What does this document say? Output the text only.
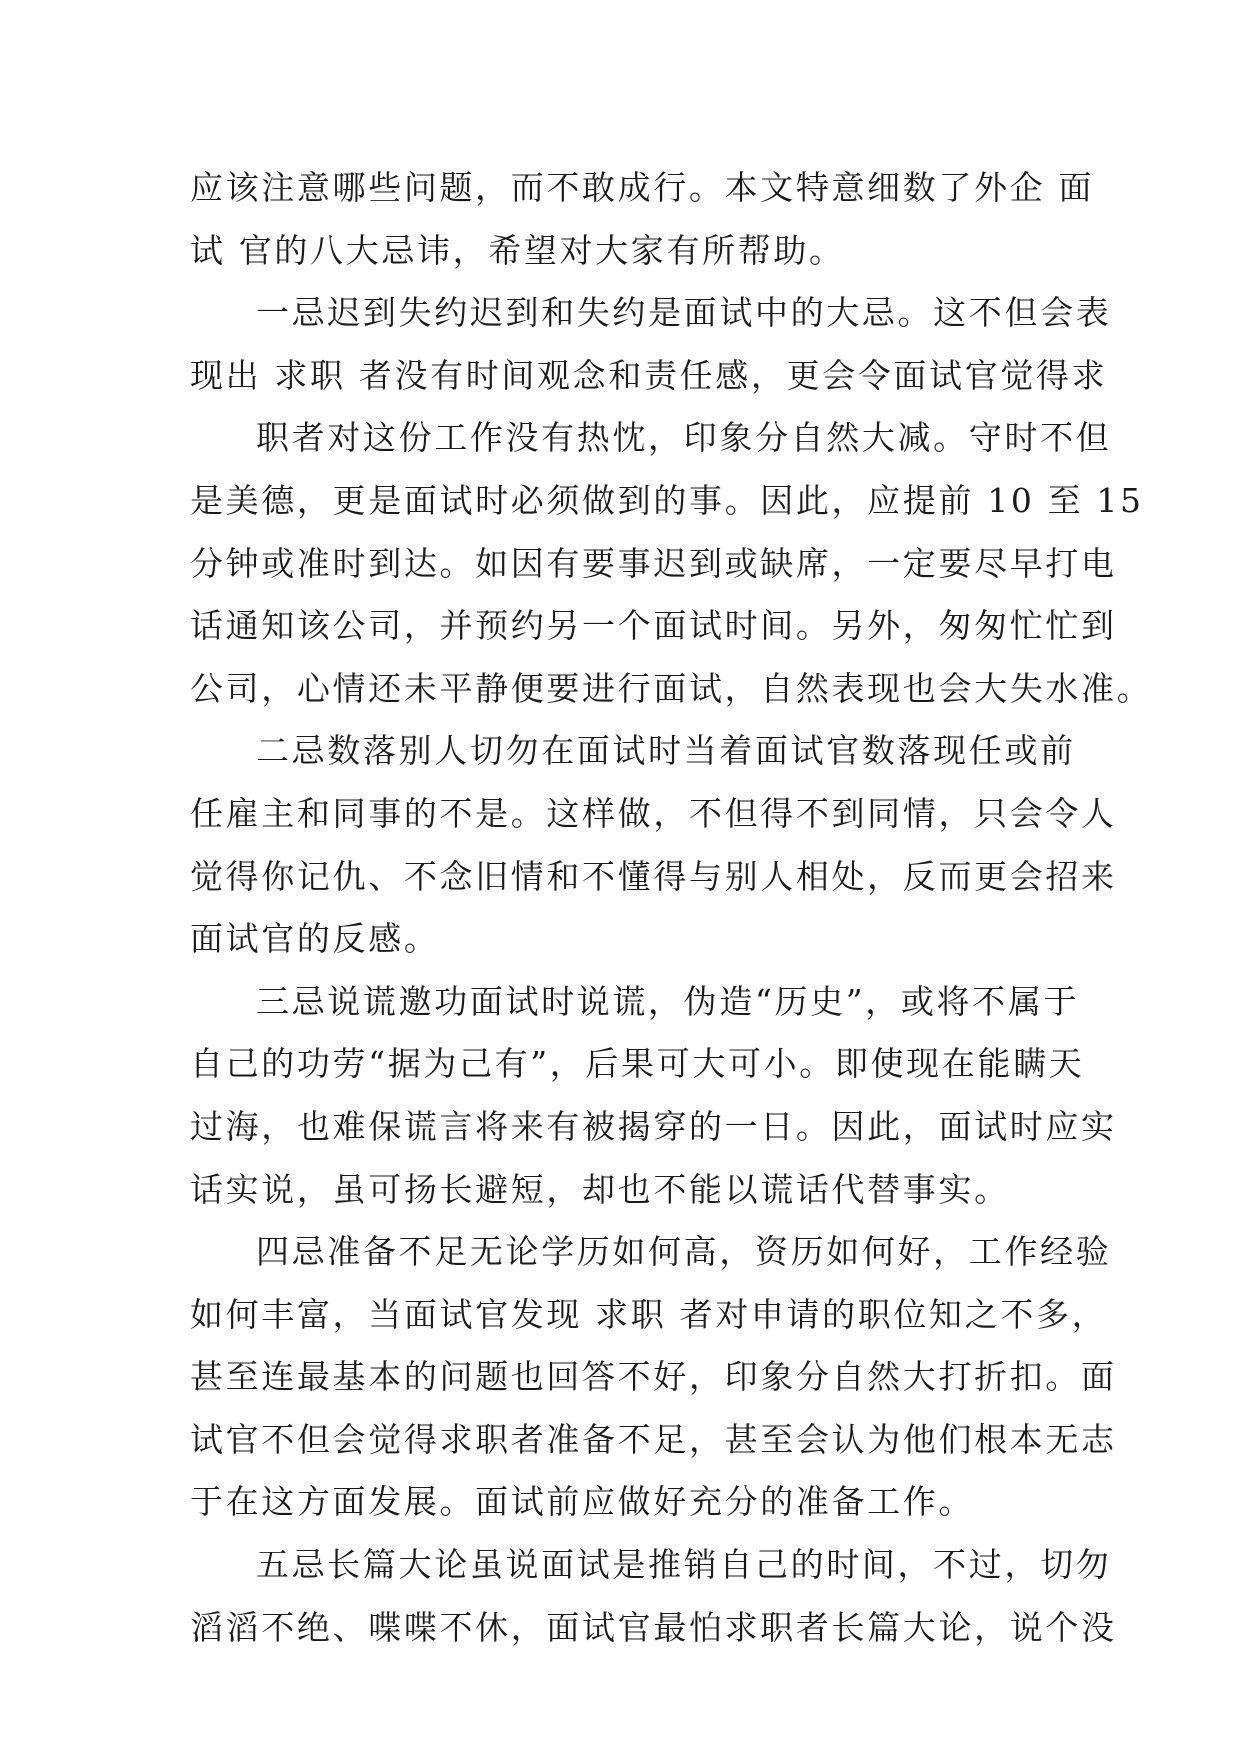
应该注意哪些问题，而不敢成行。本文特意细数了外企 面
试 官的八大忌讳，希望对大家有所帮助。
一忌迟到失约迟到和失约是面试中的大忌。这不但会表
现出 求职 者没有时间观念和责任感，更会令面试官觉得求
职者对这份工作没有热忱，印象分自然大减。守时不但
是美德，更是面试时必须做到的事。因此，应提前 10 至 15
分钟或准时到达。如因有要事迟到或缺席，一定要尽早打电
话通知该公司，并预约另一个面试时间。另外，匆匆忙忙到
公司，心情还未平静便要进行面试，自然表现也会大失水准。
二忌数落别人切勿在面试时当着面试官数落现任或前
任雇主和同事的不是。这样做，不但得不到同情，只会令人
觉得你记仇、不念旧情和不懂得与别人相处，反而更会招来
面试官的反感。
三忌说谎邀功面试时说谎，伪造“历史”，或将不属于
自己的功劳“据为己有”，后果可大可小。即使现在能瞒天
过海，也难保谎言将来有被揭穿的一日。因此，面试时应实
话实说，虽可扬长避短，却也不能以谎话代替事实。
四忌准备不足无论学历如何高，资历如何好，工作经验
如何丰富，当面试官发现 求职 者对申请的职位知之不多，
甚至连最基本的问题也回答不好，印象分自然大打折扣。面
试官不但会觉得求职者准备不足，甚至会认为他们根本无志
于在这方面发展。面试前应做好充分的准备工作。
五忌长篇大论虽说面试是推销自己的时间，不过，切勿
滔滔不绝、喋喋不休，面试官最怕求职者长篇大论，说个没
